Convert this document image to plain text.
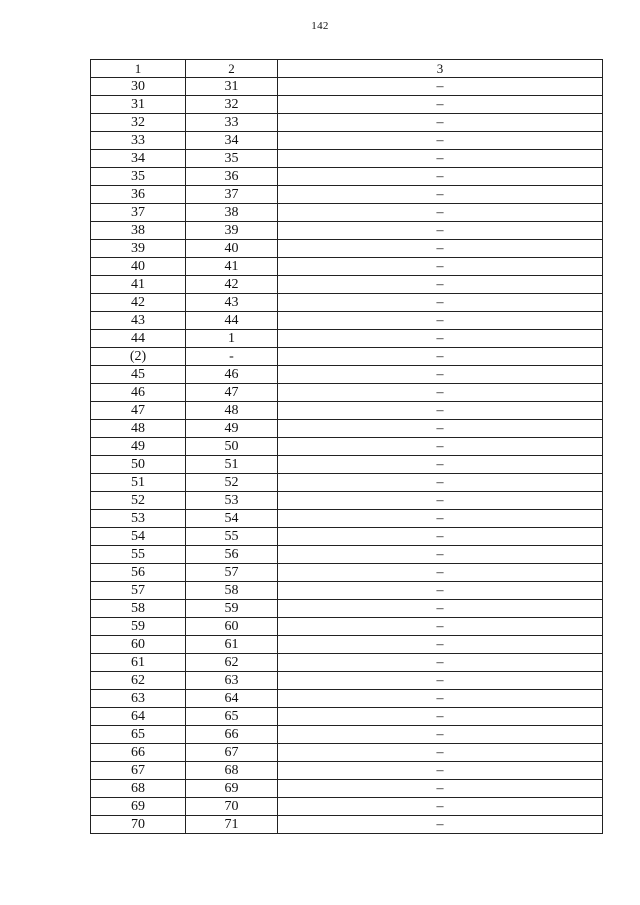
142
1	2	3
30	31	–
31	32	–
32	33	–
33	34	–
34	35	–
35	36	–
36	37	–
37	38	–
38	39	–
39	40	–
40	41	–
41	42	–
42	43	–
43	44	–
44	1	–
(2)	-	–
45	46	–
46	47	–
47	48	–
48	49	–
49	50	–
50	51	–
51	52	–
52	53	–
53	54	–
54	55	–
55	56	–
56	57	–
57	58	–
58	59	–
59	60	–
60	61	–
61	62	–
62	63	–
63	64	–
64	65	–
65	66	–
66	67	–
67	68	–
68	69	–
69	70	–
70	71	–
